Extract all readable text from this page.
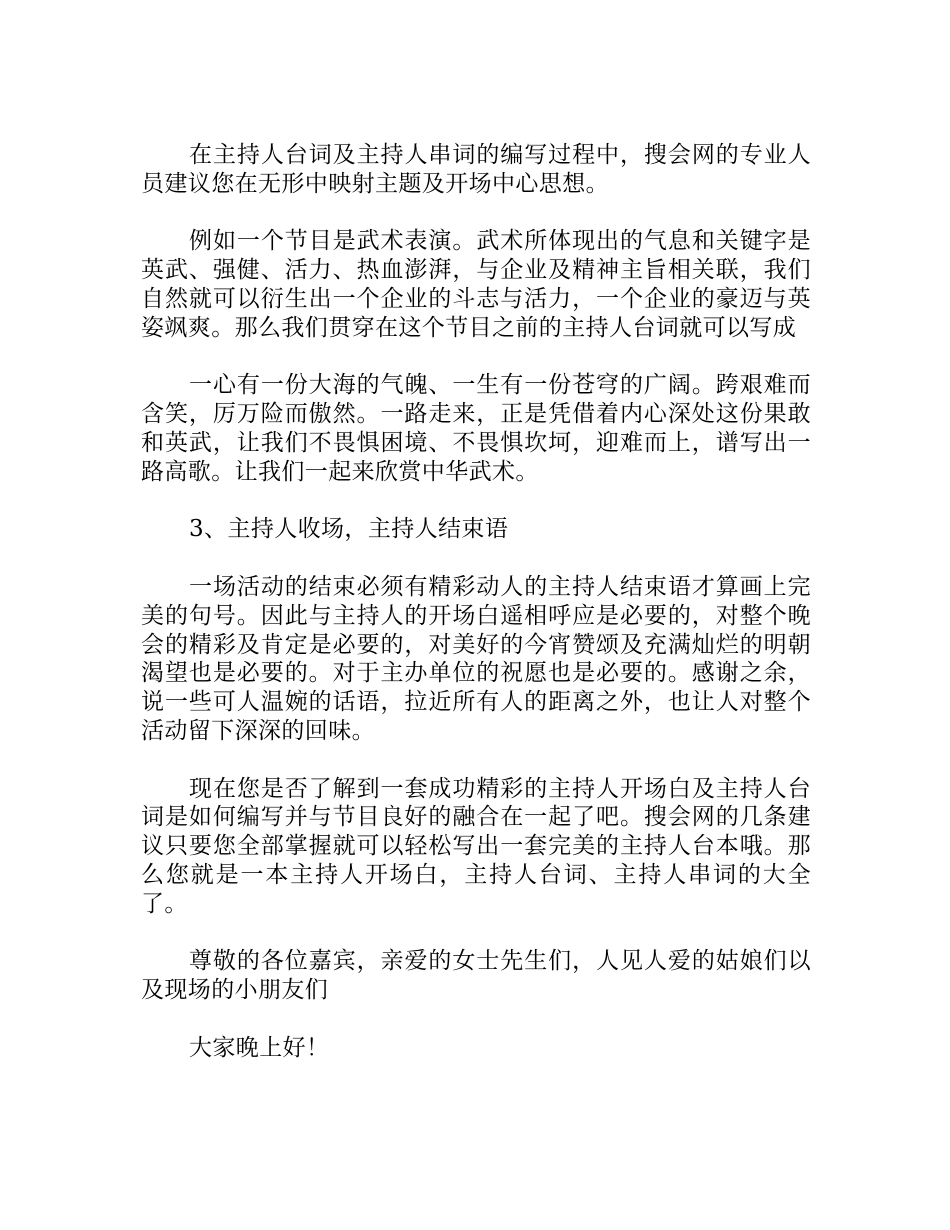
在主持人台词及主持人串词的编写过程中，搜会网的专业人员建议您在无形中映射主题及开场中心思想。

例如一个节目是武术表演。武术所体现出的气息和关键字是英武、强健、活力、热血澎湃，与企业及精神主旨相关联，我们自然就可以衍生出一个企业的斗志与活力，一个企业的豪迈与英姿飒爽。那么我们贯穿在这个节目之前的主持人台词就可以写成

一心有一份大海的气魄、一生有一份苍穹的广阔。跨艰难而含笑，厉万险而傲然。一路走来，正是凭借着内心深处这份果敢和英武，让我们不畏惧困境、不畏惧坎坷，迎难而上，谱写出一路高歌。让我们一起来欣赏中华武术。

3、主持人收场，主持人结束语

一场活动的结束必须有精彩动人的主持人结束语才算画上完美的句号。因此与主持人的开场白遥相呼应是必要的，对整个晚会的精彩及肯定是必要的，对美好的今宵赞颂及充满灿烂的明朝渴望也是必要的。对于主办单位的祝愿也是必要的。感谢之余，说一些可人温婉的话语，拉近所有人的距离之外，也让人对整个活动留下深深的回味。

现在您是否了解到一套成功精彩的主持人开场白及主持人台词是如何编写并与节目良好的融合在一起了吧。搜会网的几条建议只要您全部掌握就可以轻松写出一套完美的主持人台本哦。那么您就是一本主持人开场白，主持人台词、主持人串词的大全了。

尊敬的各位嘉宾，亲爱的女士先生们，人见人爱的姑娘们以及现场的小朋友们

大家晚上好！
